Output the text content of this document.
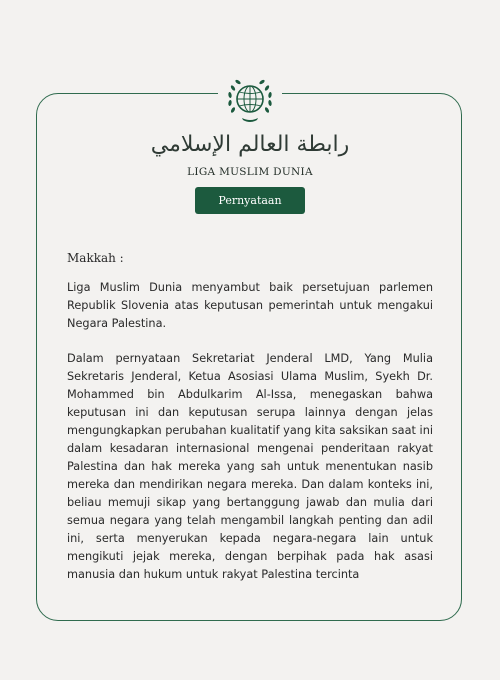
رابطة العالم الإسلامي
LIGA MUSLIM DUNIA
Pernyataan
Makkah :
Liga Muslim Dunia menyambut baik persetujuan parlemen Republik Slovenia atas keputusan pemerintah untuk mengakui Negara Palestina.
Dalam pernyataan Sekretariat Jenderal LMD, Yang Mulia Sekretaris Jenderal, Ketua Asosiasi Ulama Muslim, Syekh Dr. Mohammed bin Abdulkarim Al-Issa, menegaskan bahwa keputusan ini dan keputusan serupa lainnya dengan jelas mengungkapkan perubahan kualitatif yang kita saksikan saat ini dalam kesadaran internasional mengenai penderitaan rakyat Palestina dan hak mereka yang sah untuk menentukan nasib mereka dan mendirikan negara mereka. Dan dalam konteks ini, beliau memuji sikap yang bertanggung jawab dan mulia dari semua negara yang telah mengambil langkah penting dan adil ini, serta menyerukan kepada negara-negara lain untuk mengikuti jejak mereka, dengan berpihak pada hak asasi manusia dan hukum untuk rakyat Palestina tercinta
